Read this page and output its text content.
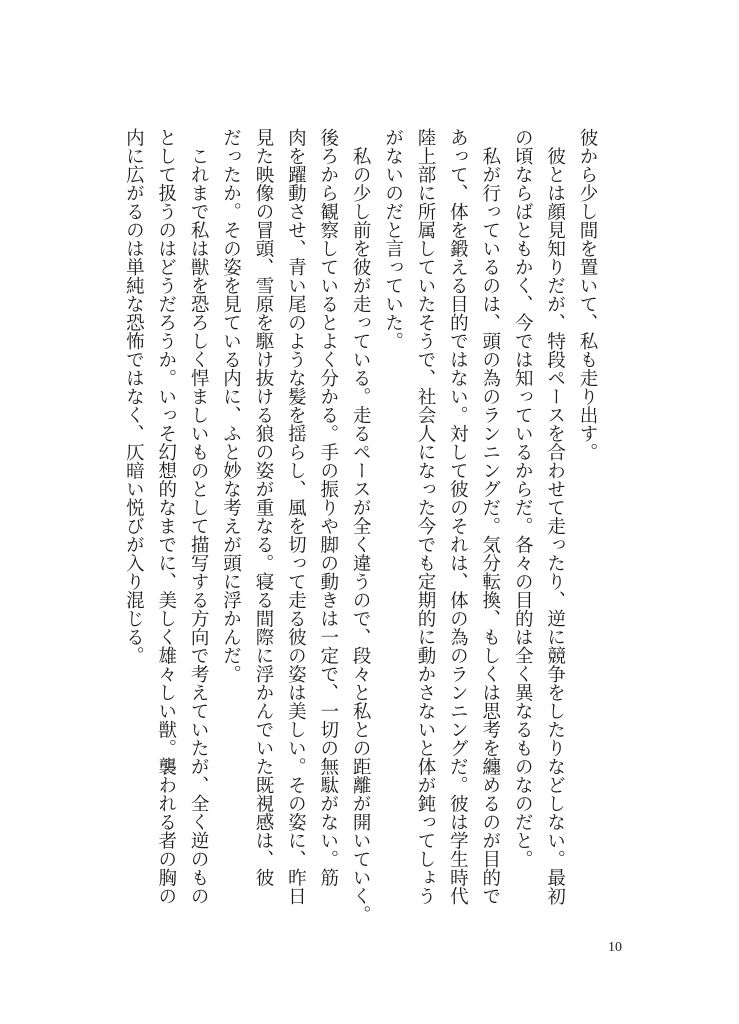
彼から少し間を置いて、私も走り出す。

　彼とは顔見知りだが、特段ペースを合わせて走ったり、逆に競争をしたりなどしない。最初

の頃ならばともかく、今では知っているからだ。各々の目的は全く異なるものなのだと。

　私が行っているのは、頭の為のランニングだ。気分転換、もしくは思考を纏めるのが目的で

あって、体を鍛える目的ではない。対して彼のそれは、体の為のランニングだ。彼は学生時代

陸上部に所属していたそうで、社会人になった今でも定期的に動かさないと体が鈍ってしょう

がないのだと言っていた。

　私の少し前を彼が走っている。走るペースが全く違うので、段々と私との距離が開いていく。

後ろから観察しているとよく分かる。手の振りや脚の動きは一定で、一切の無駄がない。筋

肉を躍動させ、青い尾のような髪を揺らし、風を切って走る彼の姿は美しい。その姿に、昨日

見た映像の冒頭、雪原を駆け抜ける狼の姿が重なる。寝る間際に浮かんでいた既視感は、彼

だったか。その姿を見ている内に、ふと妙な考えが頭に浮かんだ。

　これまで私は獣を恐ろしく悍ましいものとして描写する方向で考えていたが、全く逆のもの

として扱うのはどうだろうか。いっそ幻想的なまでに、美しく雄々しい獣。襲われる者の胸の

内に広がるのは単純な恐怖ではなく、仄暗い悦びが入り混じる。

10
